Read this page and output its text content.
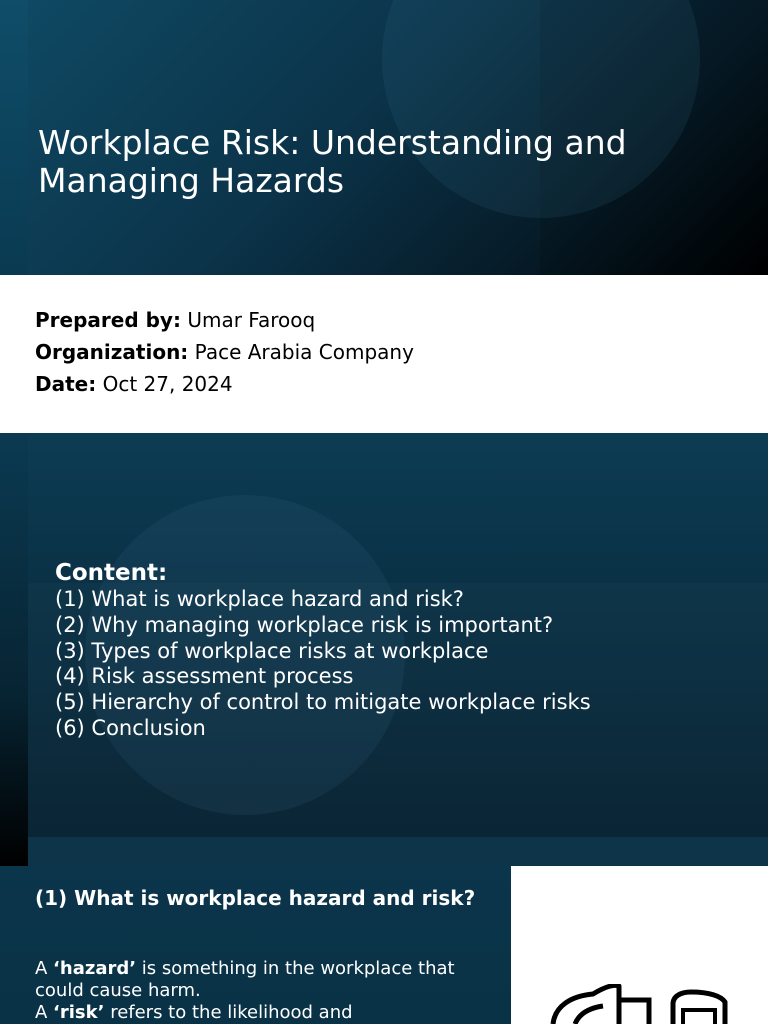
Workplace Risk: Understanding and Managing Hazards
Prepared by: Umar Farooq
Organization: Pace Arabia Company
Date: Oct 27, 2024
Content:
(1) What is workplace hazard and risk?
(2) Why managing workplace risk is important?
(3) Types of workplace risks at workplace
(4) Risk assessment process
(5) Hierarchy of control to mitigate workplace risks
(6) Conclusion
(1) What is workplace hazard and risk?

A ‘hazard’ is something in the workplace that could cause harm.

A ‘risk’ refers to the likelihood and
